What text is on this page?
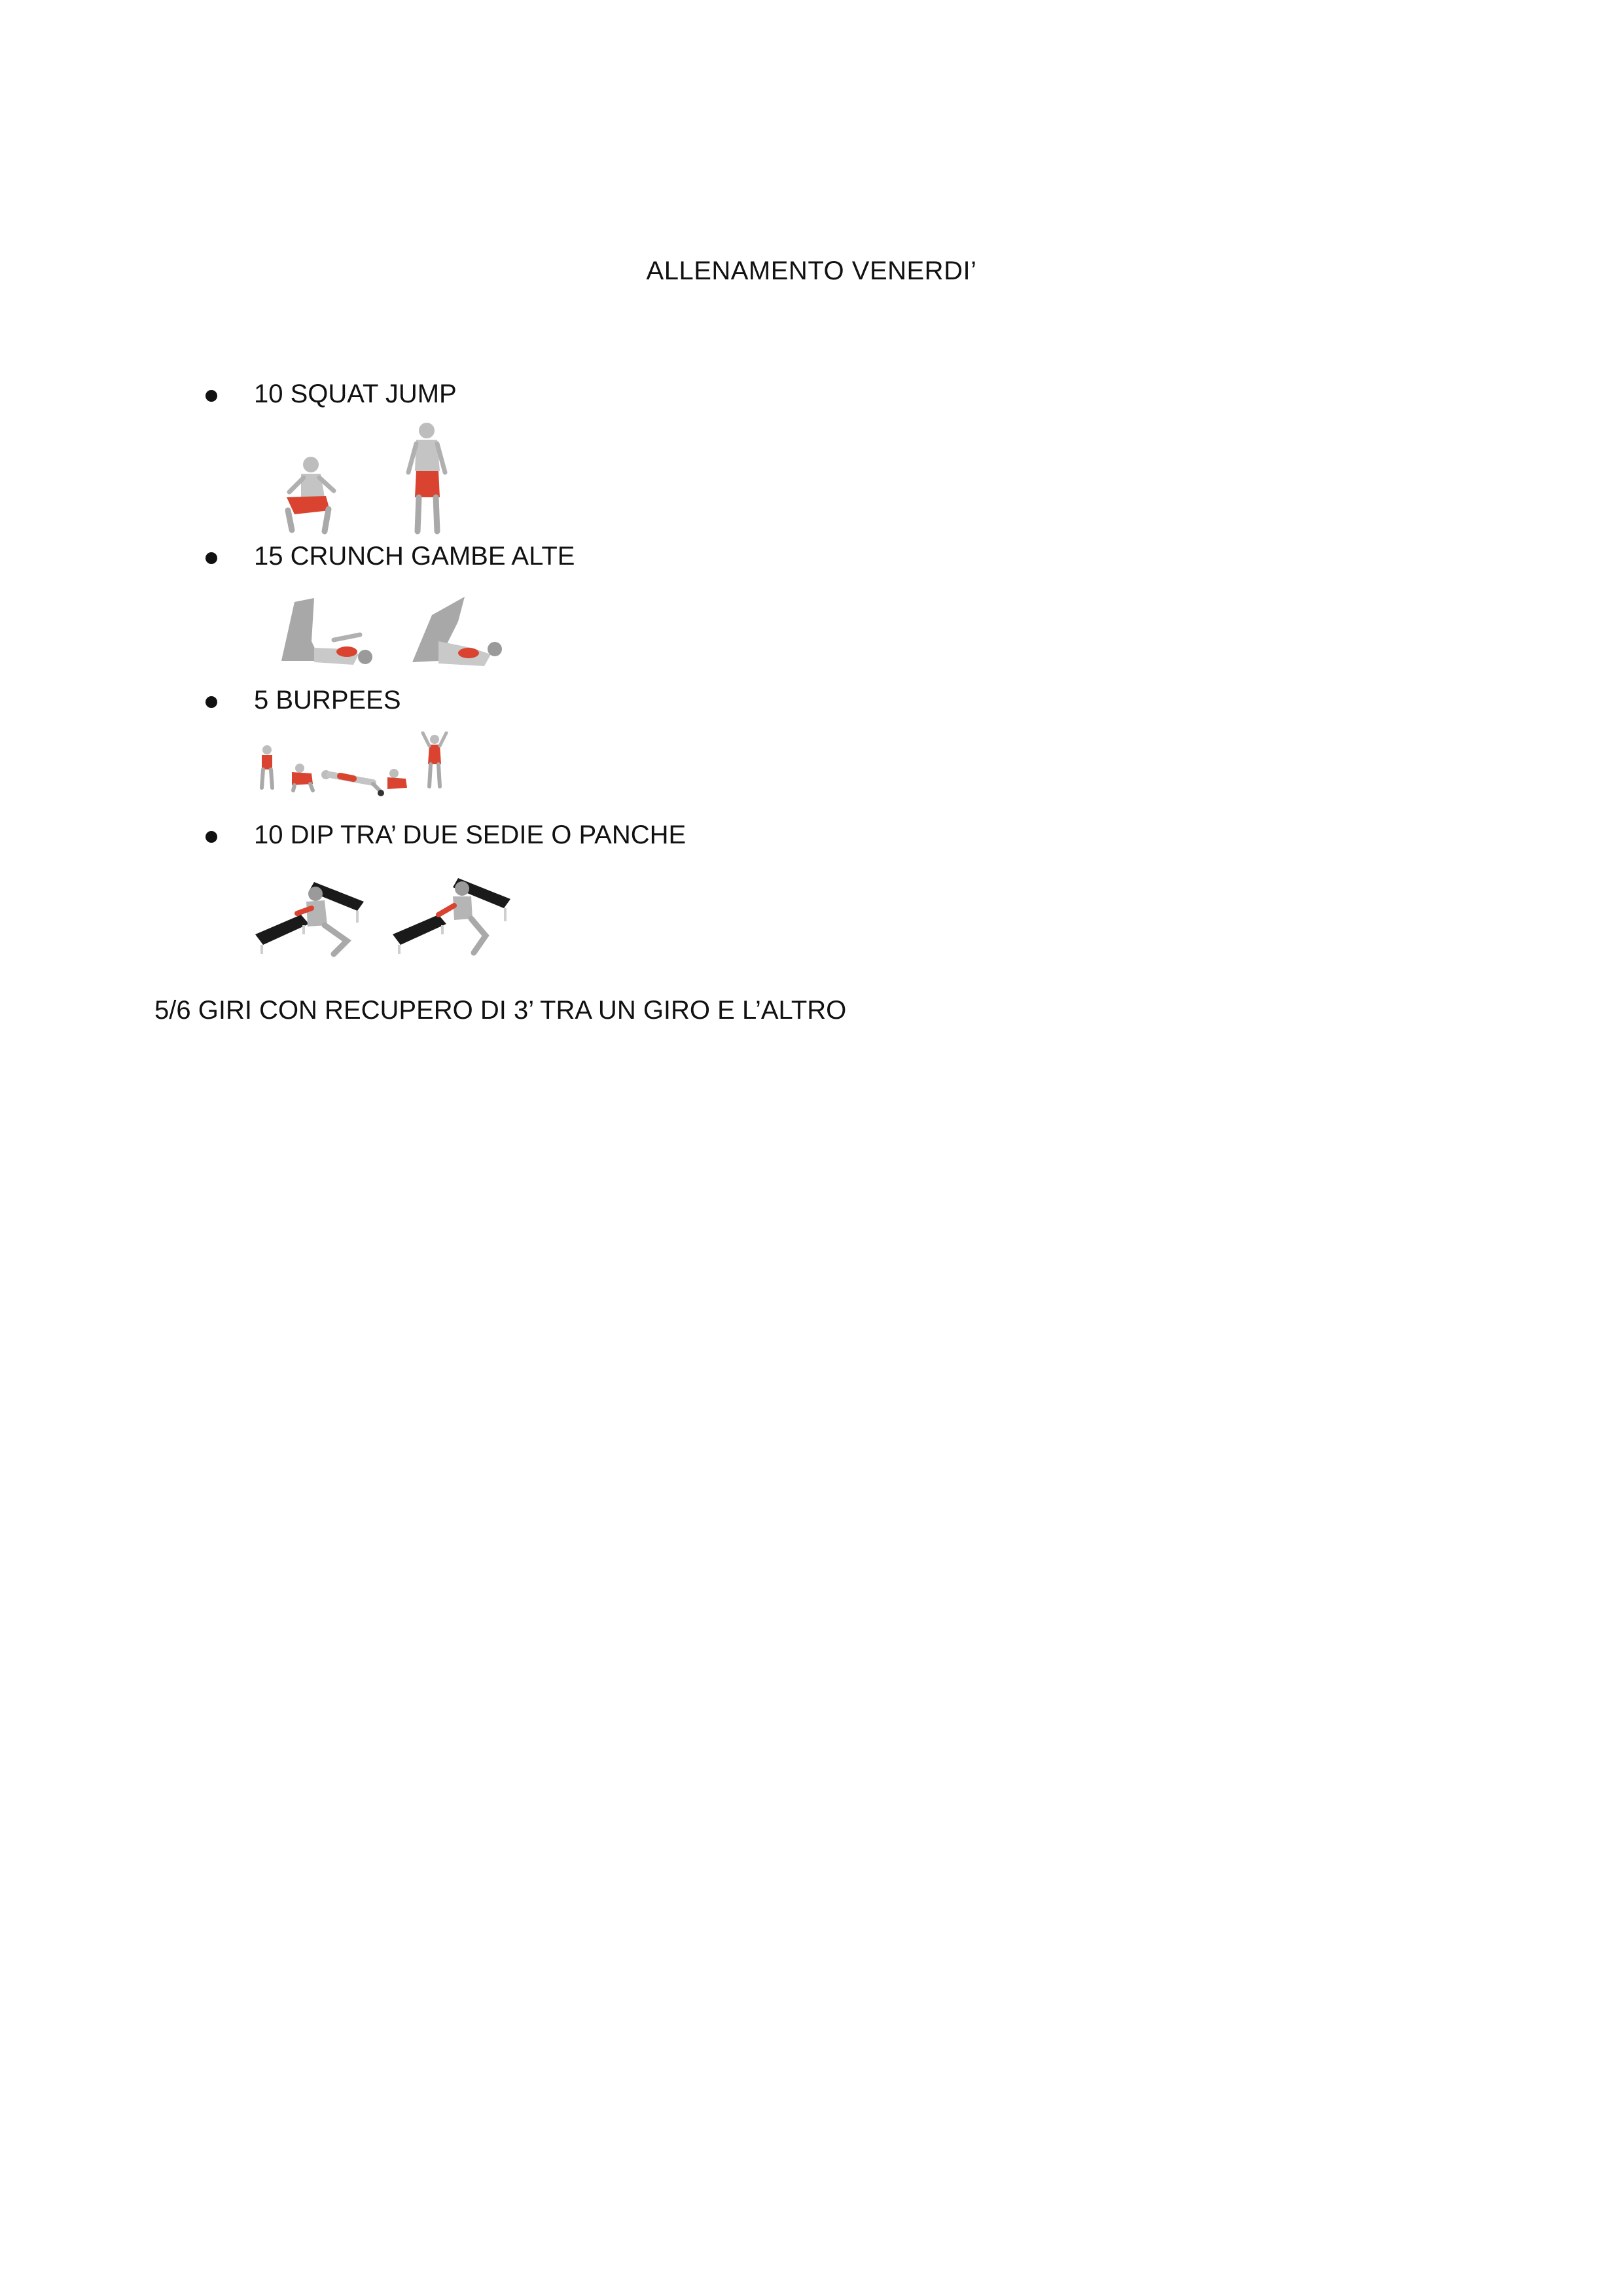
ALLENAMENTO VENERDI’
10 SQUAT JUMP
15 CRUNCH GAMBE ALTE
5 BURPEES
10 DIP TRA’ DUE SEDIE O PANCHE
5/6 GIRI CON RECUPERO DI 3’ TRA UN GIRO E L’ALTRO
